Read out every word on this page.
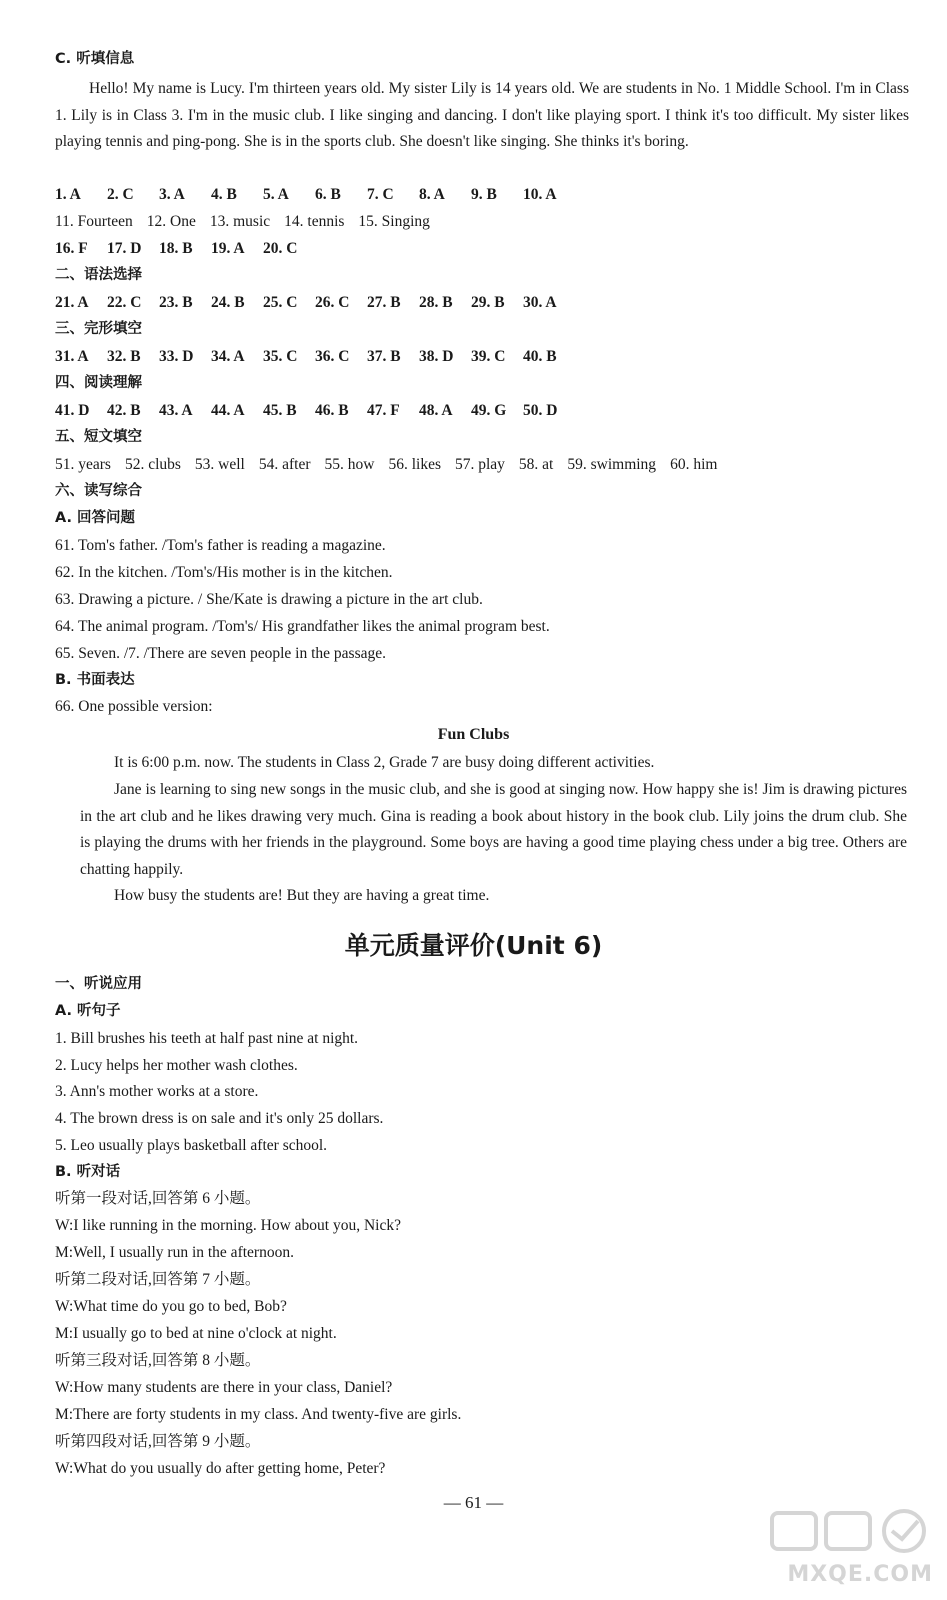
C. 听填信息
Hello! My name is Lucy. I'm thirteen years old. My sister Lily is 14 years old. We are students in No. 1 Middle School. I'm in Class 1. Lily is in Class 3. I'm in the music club. I like singing and dancing. I don't like playing sport. I think it's too difficult. My sister likes playing tennis and ping-pong. She is in the sports club. She doesn't like singing. She thinks it's boring.
1. A 2. C 3. A 4. B 5. A 6. B 7. C 8. A 9. B 10. A
11. Fourteen 12. One 13. music 14. tennis 15. Singing
16. F 17. D 18. B 19. A 20. C
二、语法选择
21. A 22. C 23. B 24. B 25. C 26. C 27. B 28. B 29. B 30. A
三、完形填空
31. A 32. B 33. D 34. A 35. C 36. C 37. B 38. D 39. C 40. B
四、阅读理解
41. D 42. B 43. A 44. A 45. B 46. B 47. F 48. A 49. G 50. D
五、短文填空
51. years 52. clubs 53. well 54. after 55. how 56. likes 57. play 58. at 59. swimming 60. him
六、读写综合
A. 回答问题
61. Tom's father. /Tom's father is reading a magazine.
62. In the kitchen. /Tom's/His mother is in the kitchen.
63. Drawing a picture. / She/Kate is drawing a picture in the art club.
64. The animal program. /Tom's/ His grandfather likes the animal program best.
65. Seven. /7. /There are seven people in the passage.
B. 书面表达
66. One possible version:
Fun Clubs
It is 6:00 p.m. now. The students in Class 2, Grade 7 are busy doing different activities.
Jane is learning to sing new songs in the music club, and she is good at singing now. How happy she is! Jim is drawing pictures in the art club and he likes drawing very much. Gina is reading a book about history in the book club. Lily joins the drum club. She is playing the drums with her friends in the playground. Some boys are having a good time playing chess under a big tree. Others are chatting happily.
How busy the students are! But they are having a great time.
单元质量评价(Unit 6)
一、听说应用
A. 听句子
1. Bill brushes his teeth at half past nine at night.
2. Lucy helps her mother wash clothes.
3. Ann's mother works at a store.
4. The brown dress is on sale and it's only 25 dollars.
5. Leo usually plays basketball after school.
B. 听对话
听第一段对话,回答第 6 小题。
W:I like running in the morning. How about you, Nick?
M:Well, I usually run in the afternoon.
听第二段对话,回答第 7 小题。
W:What time do you go to bed, Bob?
M:I usually go to bed at nine o'clock at night.
听第三段对话,回答第 8 小题。
W:How many students are there in your class, Daniel?
M:There are forty students in my class. And twenty-five are girls.
听第四段对话,回答第 9 小题。
W:What do you usually do after getting home, Peter?
— 61 —
MXQE.COM
